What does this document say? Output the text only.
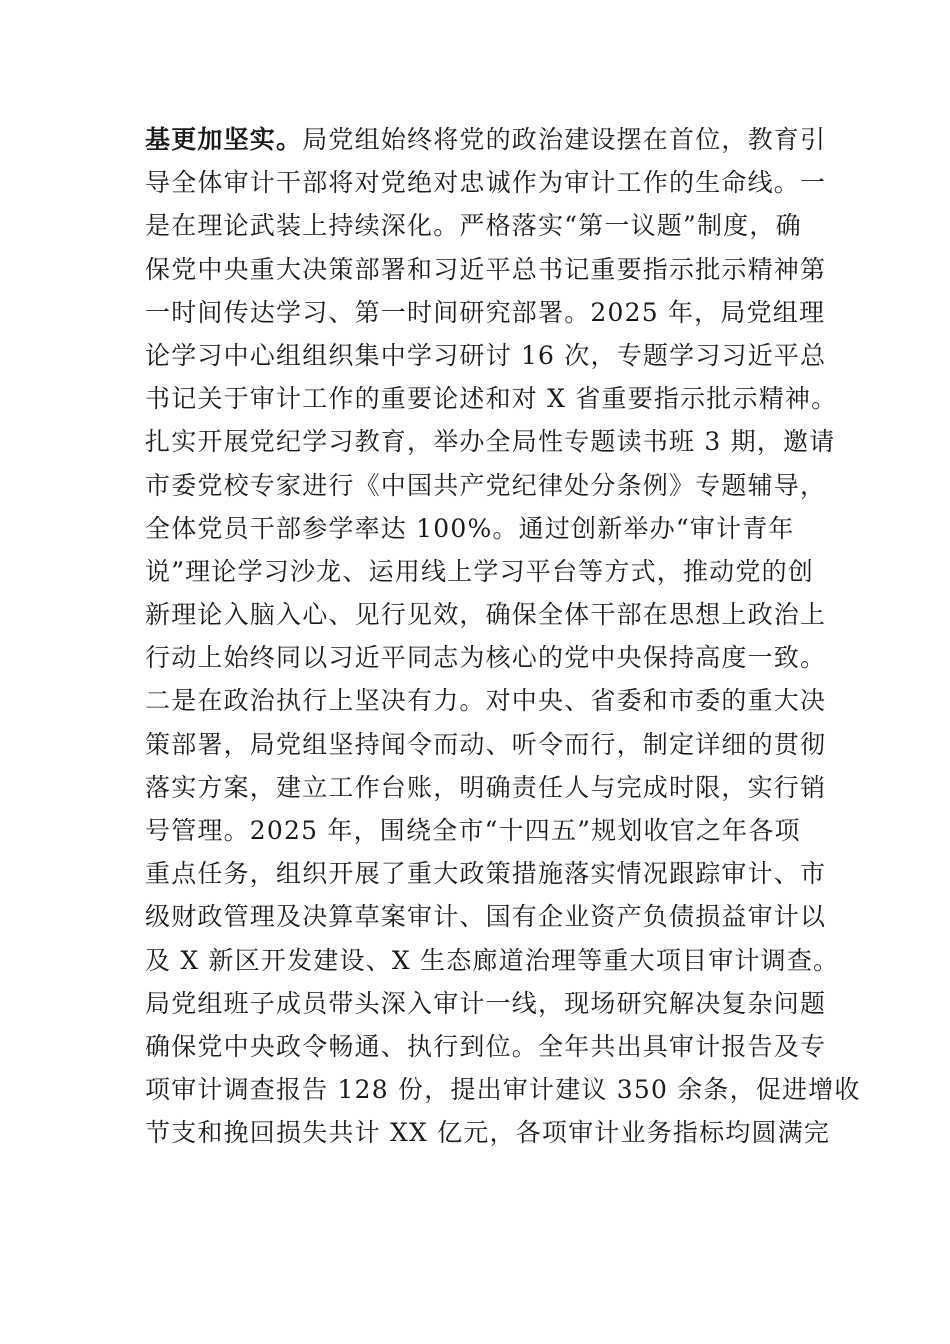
基更加坚实。局党组始终将党的政治建设摆在首位，教育引
导全体审计干部将对党绝对忠诚作为审计工作的生命线。一
是在理论武装上持续深化。严格落实“第一议题”制度，确
保党中央重大决策部署和习近平总书记重要指示批示精神第
一时间传达学习、第一时间研究部署。2025 年，局党组理
论学习中心组组织集中学习研讨 16 次，专题学习习近平总
书记关于审计工作的重要论述和对 X 省重要指示批示精神。
扎实开展党纪学习教育，举办全局性专题读书班 3 期，邀请
市委党校专家进行《中国共产党纪律处分条例》专题辅导，
全体党员干部参学率达 100%。通过创新举办“审计青年
说”理论学习沙龙、运用线上学习平台等方式，推动党的创
新理论入脑入心、见行见效，确保全体干部在思想上政治上
行动上始终同以习近平同志为核心的党中央保持高度一致。
二是在政治执行上坚决有力。对中央、省委和市委的重大决
策部署，局党组坚持闻令而动、听令而行，制定详细的贯彻
落实方案，建立工作台账，明确责任人与完成时限，实行销
号管理。2025 年，围绕全市“十四五”规划收官之年各项
重点任务，组织开展了重大政策措施落实情况跟踪审计、市
级财政管理及决算草案审计、国有企业资产负债损益审计以
及 X 新区开发建设、X 生态廊道治理等重大项目审计调查。
局党组班子成员带头深入审计一线，现场研究解决复杂问题
确保党中央政令畅通、执行到位。全年共出具审计报告及专
项审计调查报告 128 份，提出审计建议 350 余条，促进增收
节支和挽回损失共计 XX 亿元，各项审计业务指标均圆满完
